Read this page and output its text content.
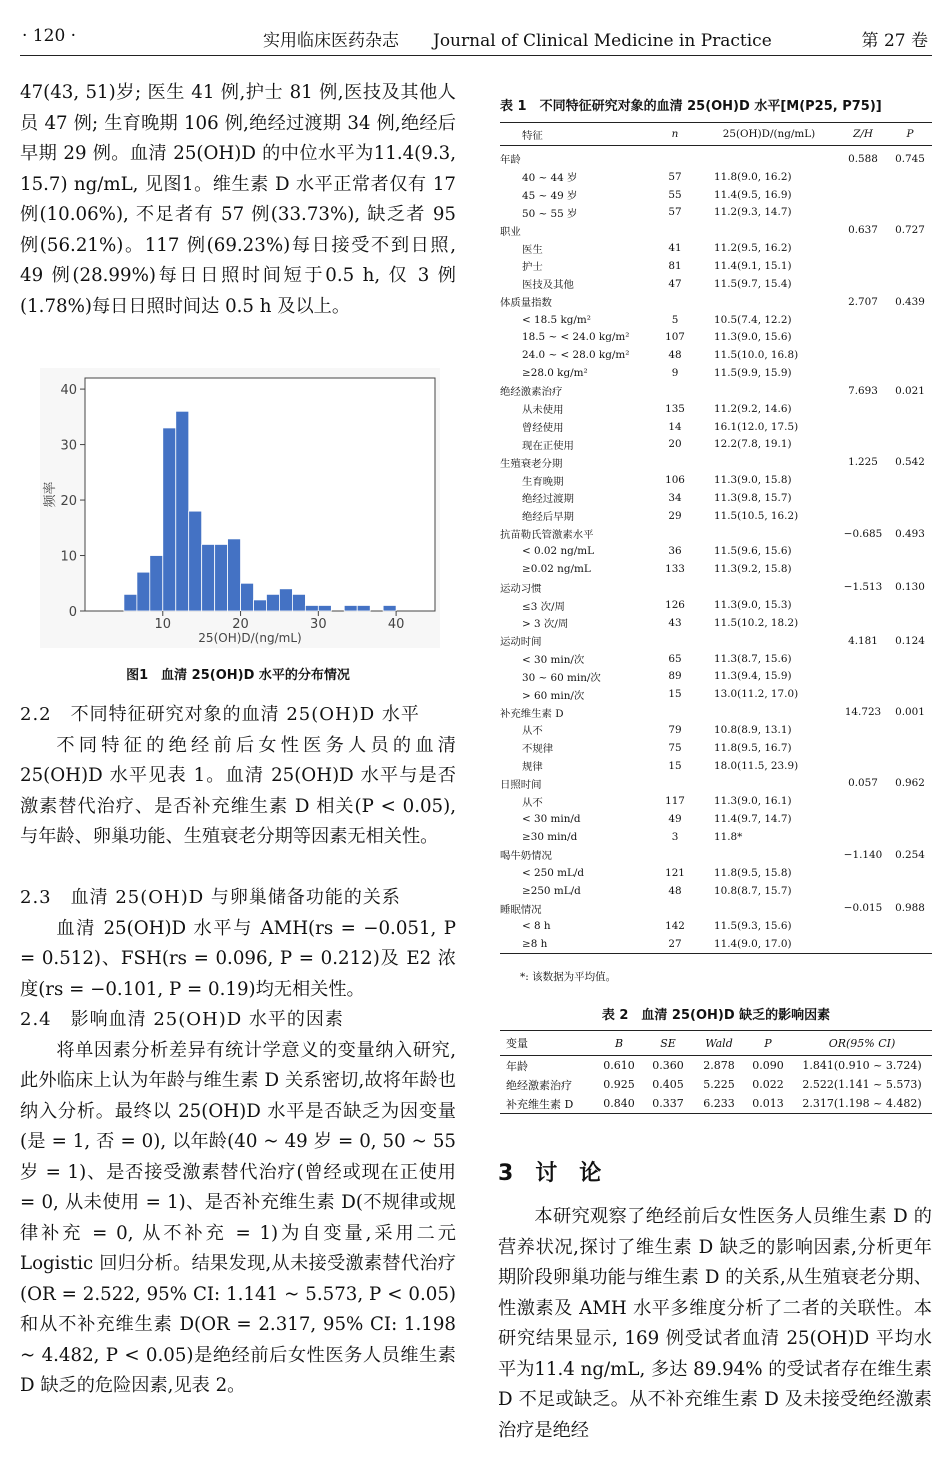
· 120 ·	实用临床医药杂志　　Journal of Clinical Medicine in Practice	第 27 卷

47(43, 51)岁; 医生 41 例,护士 81 例,医技及其他人员 47 例; 生育晚期 106 例,绝经过渡期 34 例,绝经后早期 29 例。血清 25(OH)D 的中位水平为11.4(9.3, 15.7) ng/mL, 见图1。维生素 D 水平正常者仅有 17 例(10.06%), 不足者有 57 例(33.73%), 缺乏者 95 例(56.21%)。117 例(69.23%)每日接受不到日照, 49 例(28.99%)每日日照时间短于0.5 h, 仅 3 例(1.78%)每日日照时间达 0.5 h 及以上。

0
10
20
30
40
10	20	30	40
25(OH)D/(ng/mL)
频率
图1　血清 25(OH)D 水平的分布情况

2.2　不同特征研究对象的血清 25(OH)D 水平

不同特征的绝经前后女性医务人员的血清 25(OH)D 水平见表 1。血清 25(OH)D 水平与是否激素替代治疗、是否补充维生素 D 相关(P < 0.05), 与年龄、卵巢功能、生殖衰老分期等因素无相关性。

2.3　血清 25(OH)D 与卵巢储备功能的关系

血清 25(OH)D 水平与 AMH(rs = −0.051, P = 0.512)、FSH(rs = 0.096, P = 0.212)及 E2 浓度(rs = −0.101, P = 0.19)均无相关性。

2.4　影响血清 25(OH)D 水平的因素

将单因素分析差异有统计学意义的变量纳入研究,此外临床上认为年龄与维生素 D 关系密切,故将年龄也纳入分析。最终以 25(OH)D 水平是否缺乏为因变量(是 = 1, 否 = 0), 以年龄(40 ~ 49 岁 = 0, 50 ~ 55 岁 = 1)、是否接受激素替代治疗(曾经或现在正使用 = 0, 从未使用 = 1)、是否补充维生素 D(不规律或规律补充 = 0, 从不补充 = 1)为自变量,采用二元 Logistic 回归分析。结果发现,从未接受激素替代治疗(OR = 2.522, 95% CI: 1.141 ~ 5.573, P < 0.05)和从不补充维生素 D(OR = 2.317, 95% CI: 1.198 ~ 4.482, P < 0.05)是绝经前后女性医务人员维生素 D 缺乏的危险因素,见表 2。

表 1　不同特征研究对象的血清 25(OH)D 水平[M(P25, P75)]
特征	n	25(OH)D/(ng/mL)	Z/H	P
年龄			0.588	0.745
40 ~ 44 岁	57	11.8(9.0, 16.2)		
45 ~ 49 岁	55	11.4(9.5, 16.9)		
50 ~ 55 岁	57	11.2(9.3, 14.7)		
职业			0.637	0.727
医生	41	11.2(9.5, 16.2)		
护士	81	11.4(9.1, 15.1)		
医技及其他	47	11.5(9.7, 15.4)		
体质量指数			2.707	0.439
< 18.5 kg/m²	5	10.5(7.4, 12.2)		
18.5 ~ < 24.0 kg/m²	107	11.3(9.0, 15.6)		
24.0 ~ < 28.0 kg/m²	48	11.5(10.0, 16.8)		
≥28.0 kg/m²	9	11.5(9.9, 15.9)		
绝经激素治疗			7.693	0.021
从未使用	135	11.2(9.2, 14.6)		
曾经使用	14	16.1(12.0, 17.5)		
现在正使用	20	12.2(7.8, 19.1)		
生殖衰老分期			1.225	0.542
生育晚期	106	11.3(9.0, 15.8)		
绝经过渡期	34	11.3(9.8, 15.7)		
绝经后早期	29	11.5(10.5, 16.2)		
抗苗勒氏管激素水平			−0.685	0.493
< 0.02 ng/mL	36	11.5(9.6, 15.6)		
≥0.02 ng/mL	133	11.3(9.2, 15.8)		
运动习惯			−1.513	0.130
≤3 次/周	126	11.3(9.0, 15.3)		
> 3 次/周	43	11.5(10.2, 18.2)		
运动时间			4.181	0.124
< 30 min/次	65	11.3(8.7, 15.6)		
30 ~ 60 min/次	89	11.3(9.4, 15.9)		
> 60 min/次	15	13.0(11.2, 17.0)		
补充维生素 D			14.723	0.001
从不	79	10.8(8.9, 13.1)		
不规律	75	11.8(9.5, 16.7)		
规律	15	18.0(11.5, 23.9)		
日照时间			0.057	0.962
从不	117	11.3(9.0, 16.1)		
< 30 min/d	49	11.4(9.7, 14.7)		
≥30 min/d	3	11.8*		
喝牛奶情况			−1.140	0.254
< 250 mL/d	121	11.8(9.5, 15.8)		
≥250 mL/d	48	10.8(8.7, 15.7)		
睡眠情况			−0.015	0.988
< 8 h	142	11.5(9.3, 15.6)		
≥8 h	27	11.4(9.0, 17.0)		
*: 该数据为平均值。
表 2　血清 25(OH)D 缺乏的影响因素
变量	B	SE	Wald	P	OR(95% CI)
年龄	0.610	0.360	2.878	0.090	1.841(0.910 ~ 3.724)
绝经激素治疗	0.925	0.405	5.225	0.022	2.522(1.141 ~ 5.573)
补充维生素 D	0.840	0.337	6.233	0.013	2.317(1.198 ~ 4.482)
3　讨　论

本研究观察了绝经前后女性医务人员维生素 D 的营养状况,探讨了维生素 D 缺乏的影响因素,分析更年期阶段卵巢功能与维生素 D 的关系,从生殖衰老分期、性激素及 AMH 水平多维度分析了二者的关联性。本研究结果显示, 169 例受试者血清 25(OH)D 平均水平为11.4 ng/mL, 多达 89.94% 的受试者存在维生素 D 不足或缺乏。从不补充维生素 D 及未接受绝经激素治疗是绝经
